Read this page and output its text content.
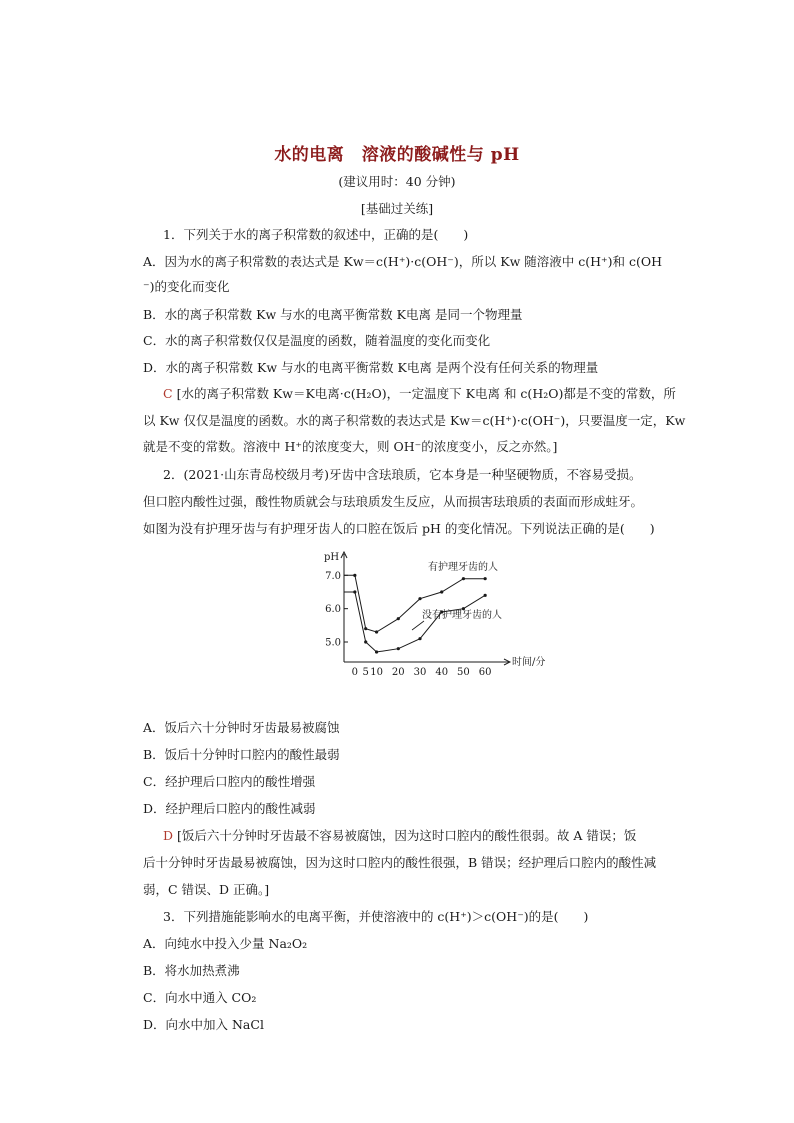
水的电离　溶液的酸碱性与 pH
(建议用时：40 分钟)
[基础过关练]
1．下列关于水的离子积常数的叙述中，正确的是(　　)
A．因为水的离子积常数的表达式是 Kw＝c(H⁺)·c(OH⁻)，所以 Kw 随溶液中 c(H⁺)和 c(OH
⁻)的变化而变化
B．水的离子积常数 Kw 与水的电离平衡常数 K电离 是同一个物理量
C．水的离子积常数仅仅是温度的函数，随着温度的变化而变化
D．水的离子积常数 Kw 与水的电离平衡常数 K电离 是两个没有任何关系的物理量
C [水的离子积常数 Kw＝K电离·c(H₂O)，一定温度下 K电离 和 c(H₂O)都是不变的常数，所
以 Kw 仅仅是温度的函数。水的离子积常数的表达式是 Kw＝c(H⁺)·c(OH⁻)，只要温度一定，Kw
就是不变的常数。溶液中 H⁺的浓度变大，则 OH⁻的浓度变小，反之亦然。]
2．(2021·山东青岛校级月考)牙齿中含珐琅质，它本身是一种坚硬物质，不容易受损。
但口腔内酸性过强，酸性物质就会与珐琅质发生反应，从而损害珐琅质的表面而形成蛀牙。
如图为没有护理牙齿与有护理牙齿人的口腔在饭后 pH 的变化情况。下列说法正确的是(　　)
5.0
6.0
7.0
pH
0 5 10 20 30 40 50 60
时间/分
有护理牙齿的人
没有护理牙齿的人
A．饭后六十分钟时牙齿最易被腐蚀
B．饭后十分钟时口腔内的酸性最弱
C．经护理后口腔内的酸性增强
D．经护理后口腔内的酸性减弱
D [饭后六十分钟时牙齿最不容易被腐蚀，因为这时口腔内的酸性很弱。故 A 错误；饭
后十分钟时牙齿最易被腐蚀，因为这时口腔内的酸性很强，B 错误；经护理后口腔内的酸性减
弱，C 错误、D 正确。]
3．下列措施能影响水的电离平衡，并使溶液中的 c(H⁺)＞c(OH⁻)的是(　　)
A．向纯水中投入少量 Na₂O₂
B．将水加热煮沸
C．向水中通入 CO₂
D．向水中加入 NaCl
